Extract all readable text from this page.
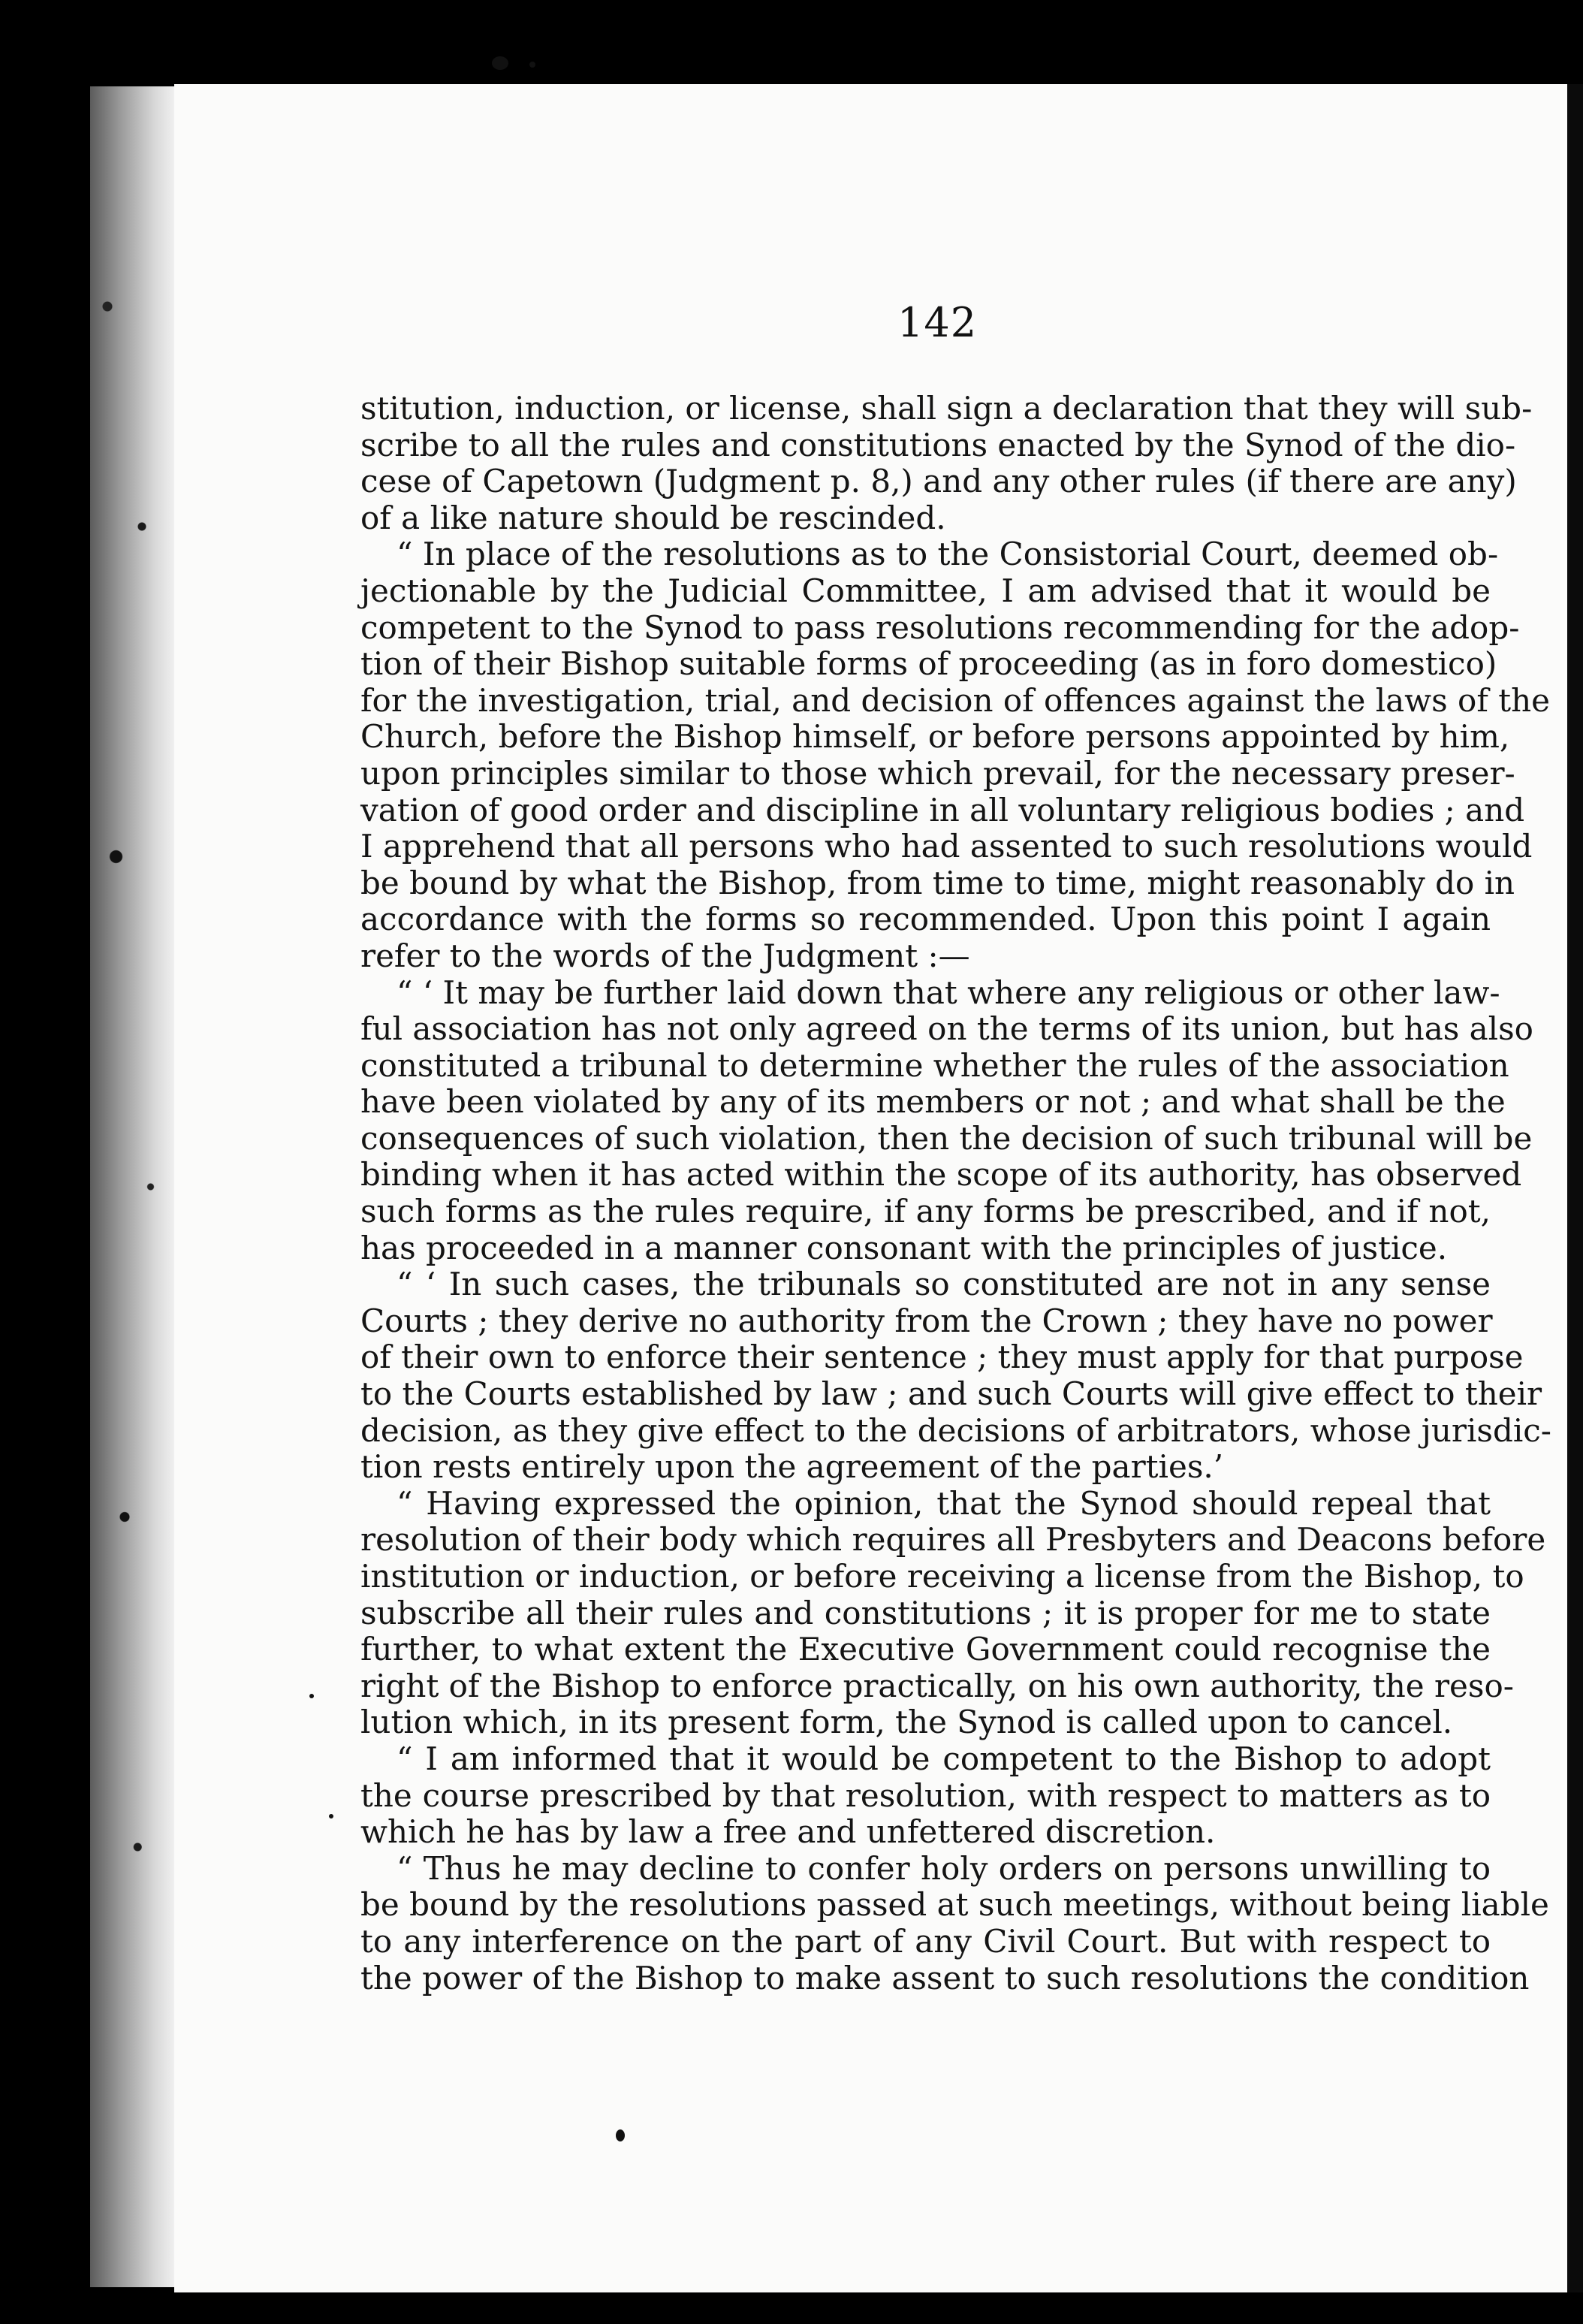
142
stitution, induction, or license, shall sign a declaration that they will sub-
scribe to all the rules and constitutions enacted by the Synod of the dio-
cese of Capetown (Judgment p. 8,) and any other rules (if there are any)
of a like nature should be rescinded.
“ In place of the resolutions as to the Consistorial Court, deemed ob-
jectionable by the Judicial Committee, I am advised that it would be
competent to the Synod to pass resolutions recommending for the adop-
tion of their Bishop suitable forms of proceeding (as in foro domestico)
for the investigation, trial, and decision of offences against the laws of the
Church, before the Bishop himself, or before persons appointed by him,
upon principles similar to those which prevail, for the necessary preser-
vation of good order and discipline in all voluntary religious bodies ; and
I apprehend that all persons who had assented to such resolutions would
be bound by what the Bishop, from time to time, might reasonably do in
accordance with the forms so recommended. Upon this point I again
refer to the words of the Judgment :—
“ ‘ It may be further laid down that where any religious or other law-
ful association has not only agreed on the terms of its union, but has also
constituted a tribunal to determine whether the rules of the association
have been violated by any of its members or not ; and what shall be the
consequences of such violation, then the decision of such tribunal will be
binding when it has acted within the scope of its authority, has observed
such forms as the rules require, if any forms be prescribed, and if not,
has proceeded in a manner consonant with the principles of justice.
“ ‘ In such cases, the tribunals so constituted are not in any sense
Courts ; they derive no authority from the Crown ; they have no power
of their own to enforce their sentence ; they must apply for that purpose
to the Courts established by law ; and such Courts will give effect to their
decision, as they give effect to the decisions of arbitrators, whose jurisdic-
tion rests entirely upon the agreement of the parties.’
“ Having expressed the opinion, that the Synod should repeal that
resolution of their body which requires all Presbyters and Deacons before
institution or induction, or before receiving a license from the Bishop, to
subscribe all their rules and constitutions ; it is proper for me to state
further, to what extent the Executive Government could recognise the
right of the Bishop to enforce practically, on his own authority, the reso-
lution which, in its present form, the Synod is called upon to cancel.
“ I am informed that it would be competent to the Bishop to adopt
the course prescribed by that resolution, with respect to matters as to
which he has by law a free and unfettered discretion.
“ Thus he may decline to confer holy orders on persons unwilling to
be bound by the resolutions passed at such meetings, without being liable
to any interference on the part of any Civil Court. But with respect to
the power of the Bishop to make assent to such resolutions the condition
